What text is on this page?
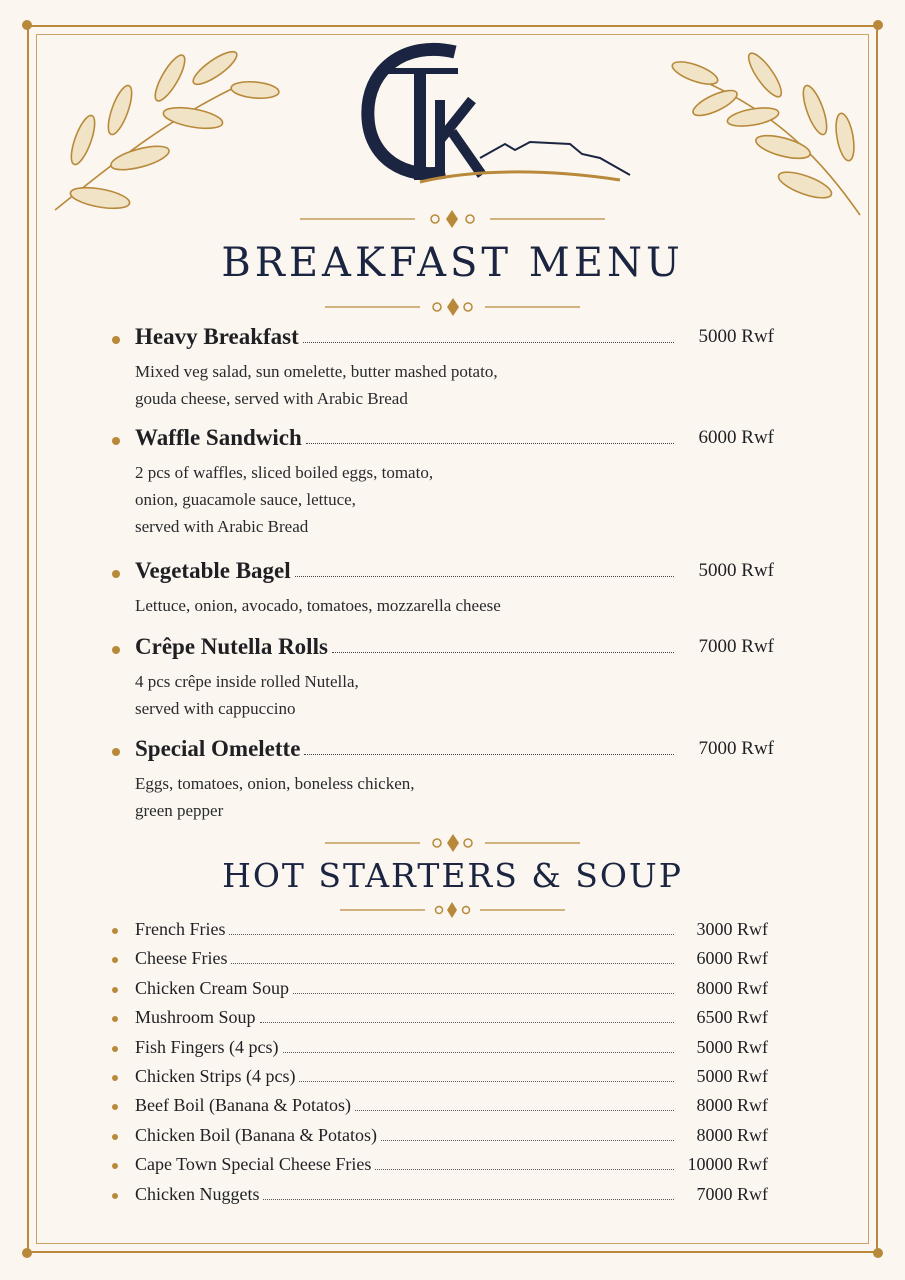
CTK
BREAKFAST MENU
Heavy Breakfast	5000 Rwf
Mixed veg salad, sun omelette, butter mashed potato,
gouda cheese, served with Arabic Bread
Waffle Sandwich	6000 Rwf
2 pcs of waffles, sliced boiled eggs, tomato,
onion, guacamole sauce, lettuce,
served with Arabic Bread
Vegetable Bagel	5000 Rwf
Lettuce, onion, avocado, tomatoes, mozzarella cheese
Crêpe Nutella Rolls	7000 Rwf
4 pcs crêpe inside rolled Nutella,
served with cappuccino
Special Omelette	7000 Rwf
Eggs, tomatoes, onion, boneless chicken,
green pepper
HOT STARTERS & SOUP
French Fries	3000 Rwf
Cheese Fries	6000 Rwf
Chicken Cream Soup	8000 Rwf
Mushroom Soup	6500 Rwf
Fish Fingers (4 pcs)	5000 Rwf
Chicken Strips (4 pcs)	5000 Rwf
Beef Boil (Banana & Potatos)	8000 Rwf
Chicken Boil (Banana & Potatos)	8000 Rwf
Cape Town Special Cheese Fries	10000 Rwf
Chicken Nuggets	7000 Rwf
